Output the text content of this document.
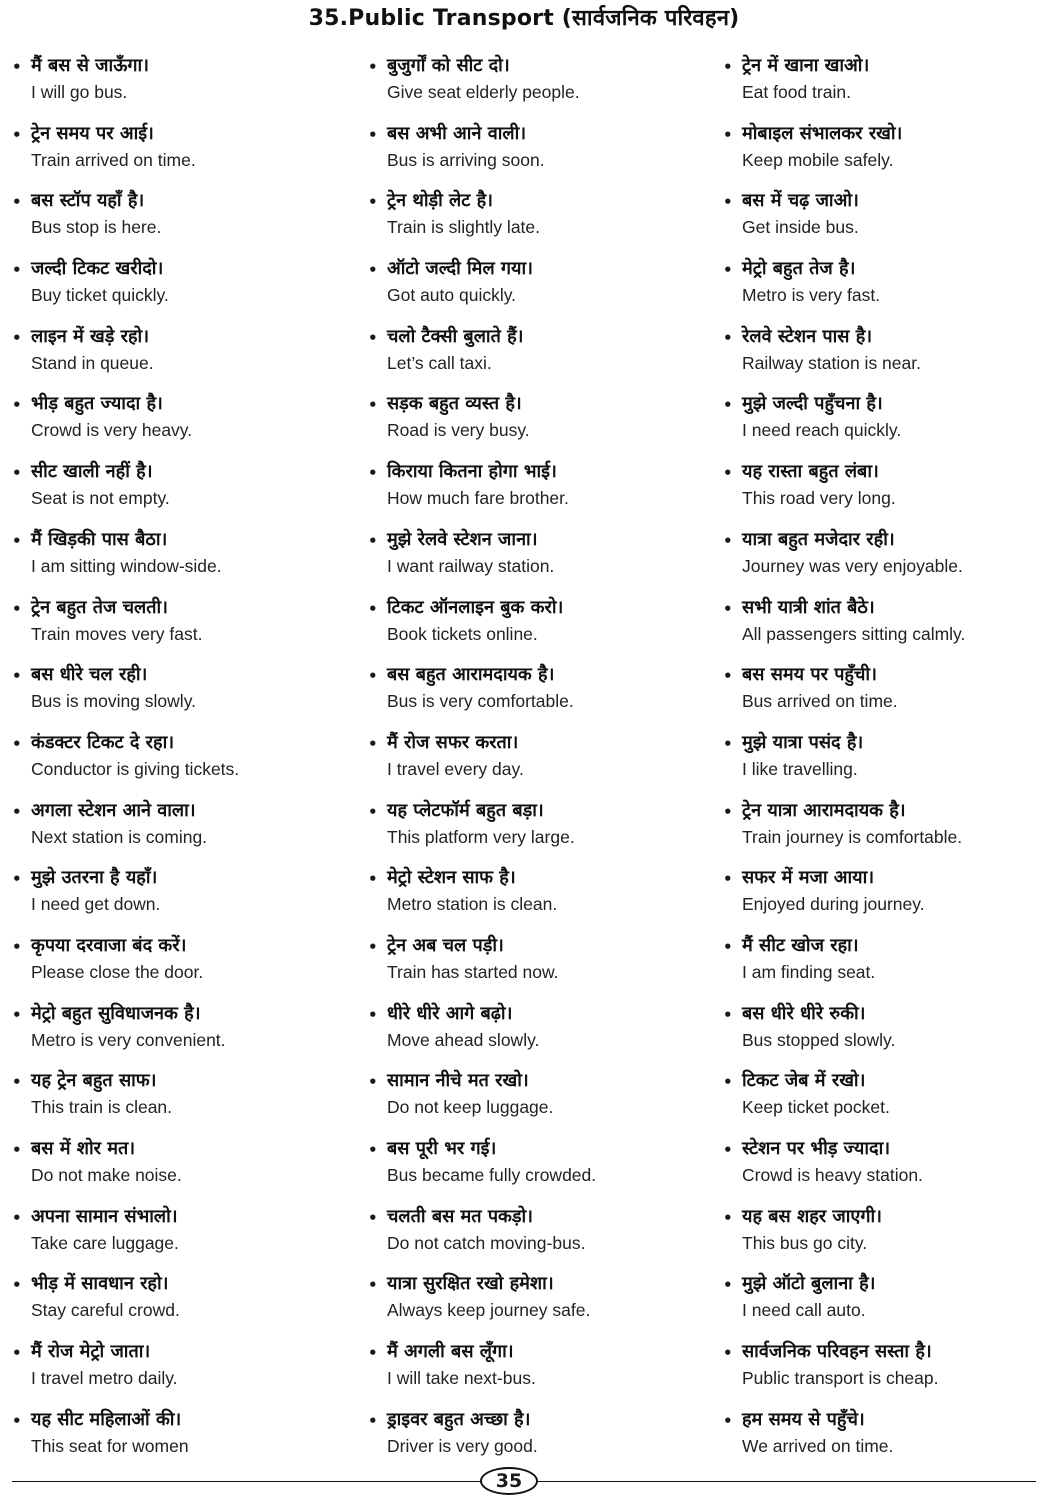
35.Public Transport (सार्वजनिक परिवहन)
• मैं बस से जाऊँगा।
I will go bus.
• ट्रेन समय पर आई।
Train arrived on time.
• बस स्टॉप यहाँ है।
Bus stop is here.
• जल्दी टिकट खरीदो।
Buy ticket quickly.
• लाइन में खड़े रहो।
Stand in queue.
• भीड़ बहुत ज्यादा है।
Crowd is very heavy.
• सीट खाली नहीं है।
Seat is not empty.
• मैं खिड़की पास बैठा।
I am sitting window-side.
• ट्रेन बहुत तेज चलती।
Train moves very fast.
• बस धीरे चल रही।
Bus is moving slowly.
• कंडक्टर टिकट दे रहा।
Conductor is giving tickets.
• अगला स्टेशन आने वाला।
Next station is coming.
• मुझे उतरना है यहाँ।
I need get down.
• कृपया दरवाजा बंद करें।
Please close the door.
• मेट्रो बहुत सुविधाजनक है।
Metro is very convenient.
• यह ट्रेन बहुत साफ।
This train is clean.
• बस में शोर मत।
Do not make noise.
• अपना सामान संभालो।
Take care luggage.
• भीड़ में सावधान रहो।
Stay careful crowd.
• मैं रोज मेट्रो जाता।
I travel metro daily.
• यह सीट महिलाओं की।
This seat for women
• बुजुर्गों को सीट दो।
Give seat elderly people.
• बस अभी आने वाली।
Bus is arriving soon.
• ट्रेन थोड़ी लेट है।
Train is slightly late.
• ऑटो जल्दी मिल गया।
Got auto quickly.
• चलो टैक्सी बुलाते हैं।
Let’s call taxi.
• सड़क बहुत व्यस्त है।
Road is very busy.
• किराया कितना होगा भाई।
How much fare brother.
• मुझे रेलवे स्टेशन जाना।
I want railway station.
• टिकट ऑनलाइन बुक करो।
Book tickets online.
• बस बहुत आरामदायक है।
Bus is very comfortable.
• मैं रोज सफर करता।
I travel every day.
• यह प्लेटफॉर्म बहुत बड़ा।
This platform very large.
• मेट्रो स्टेशन साफ है।
Metro station is clean.
• ट्रेन अब चल पड़ी।
Train has started now.
• धीरे धीरे आगे बढ़ो।
Move ahead slowly.
• सामान नीचे मत रखो।
Do not keep luggage.
• बस पूरी भर गई।
Bus became fully crowded.
• चलती बस मत पकड़ो।
Do not catch moving-bus.
• यात्रा सुरक्षित रखो हमेशा।
Always keep journey safe.
• मैं अगली बस लूँगा।
I will take next-bus.
• ड्राइवर बहुत अच्छा है।
Driver is very good.
• ट्रेन में खाना खाओ।
Eat food train.
• मोबाइल संभालकर रखो।
Keep mobile safely.
• बस में चढ़ जाओ।
Get inside bus.
• मेट्रो बहुत तेज है।
Metro is very fast.
• रेलवे स्टेशन पास है।
Railway station is near.
• मुझे जल्दी पहुँचना है।
I need reach quickly.
• यह रास्ता बहुत लंबा।
This road very long.
• यात्रा बहुत मजेदार रही।
Journey was very enjoyable.
• सभी यात्री शांत बैठे।
All passengers sitting calmly.
• बस समय पर पहुँची।
Bus arrived on time.
• मुझे यात्रा पसंद है।
I like travelling.
• ट्रेन यात्रा आरामदायक है।
Train journey is comfortable.
• सफर में मजा आया।
Enjoyed during journey.
• मैं सीट खोज रहा।
I am finding seat.
• बस धीरे धीरे रुकी।
Bus stopped slowly.
• टिकट जेब में रखो।
Keep ticket pocket.
• स्टेशन पर भीड़ ज्यादा।
Crowd is heavy station.
• यह बस शहर जाएगी।
This bus go city.
• मुझे ऑटो बुलाना है।
I need call auto.
• सार्वजनिक परिवहन सस्ता है।
Public transport is cheap.
• हम समय से पहुँचे।
We arrived on time.
35
